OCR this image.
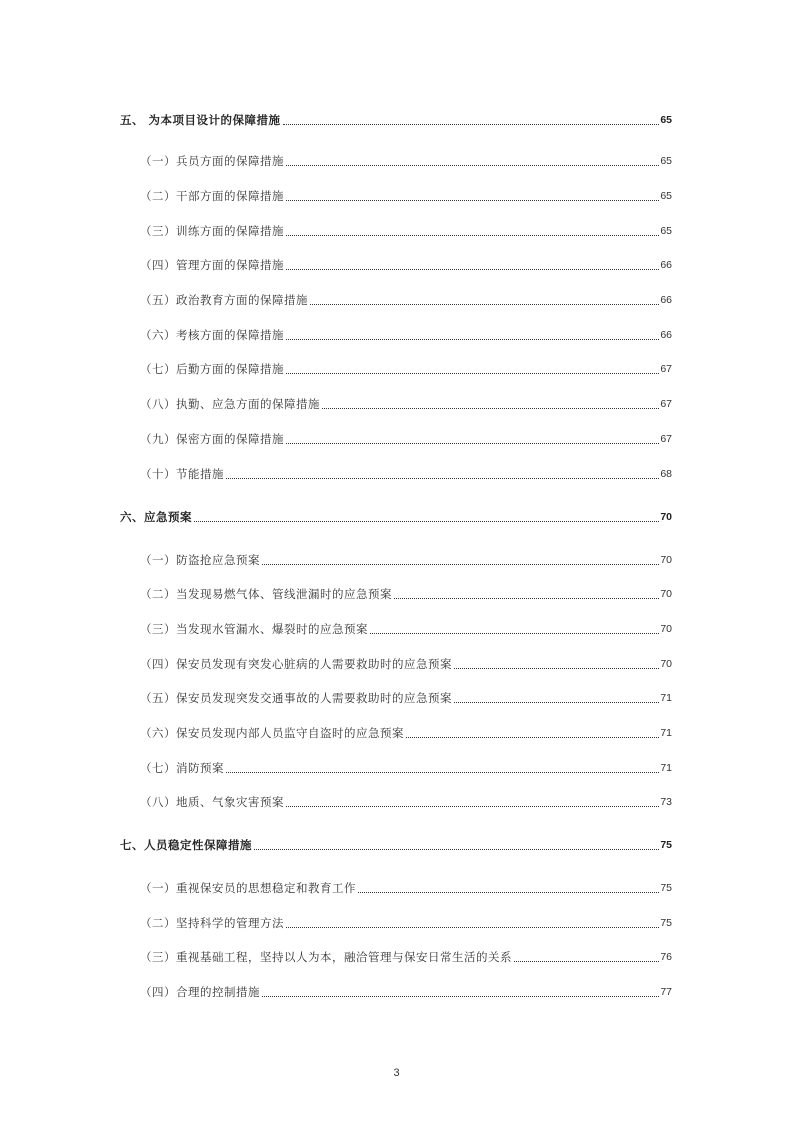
五、 为本项目设计的保障措施	65
（一）兵员方面的保障措施	65
（二）干部方面的保障措施	65
（三）训练方面的保障措施	65
（四）管理方面的保障措施	66
（五）政治教育方面的保障措施	66
（六）考核方面的保障措施	66
（七）后勤方面的保障措施	67
（八）执勤、应急方面的保障措施	67
（九）保密方面的保障措施	67
（十）节能措施	68
六、应急预案	70
（一）防盗抢应急预案	70
（二）当发现易燃气体、管线泄漏时的应急预案	70
（三）当发现水管漏水、爆裂时的应急预案	70
（四）保安员发现有突发心脏病的人需要救助时的应急预案	70
（五）保安员发现突发交通事故的人需要救助时的应急预案	71
（六）保安员发现内部人员监守自盗时的应急预案	71
（七）消防预案	71
（八）地质、气象灾害预案	73
七、人员稳定性保障措施	75
（一）重视保安员的思想稳定和教育工作	75
（二）坚持科学的管理方法	75
（三）重视基础工程，坚持以人为本，融洽管理与保安日常生活的关系	76
（四）合理的控制措施	77
3
